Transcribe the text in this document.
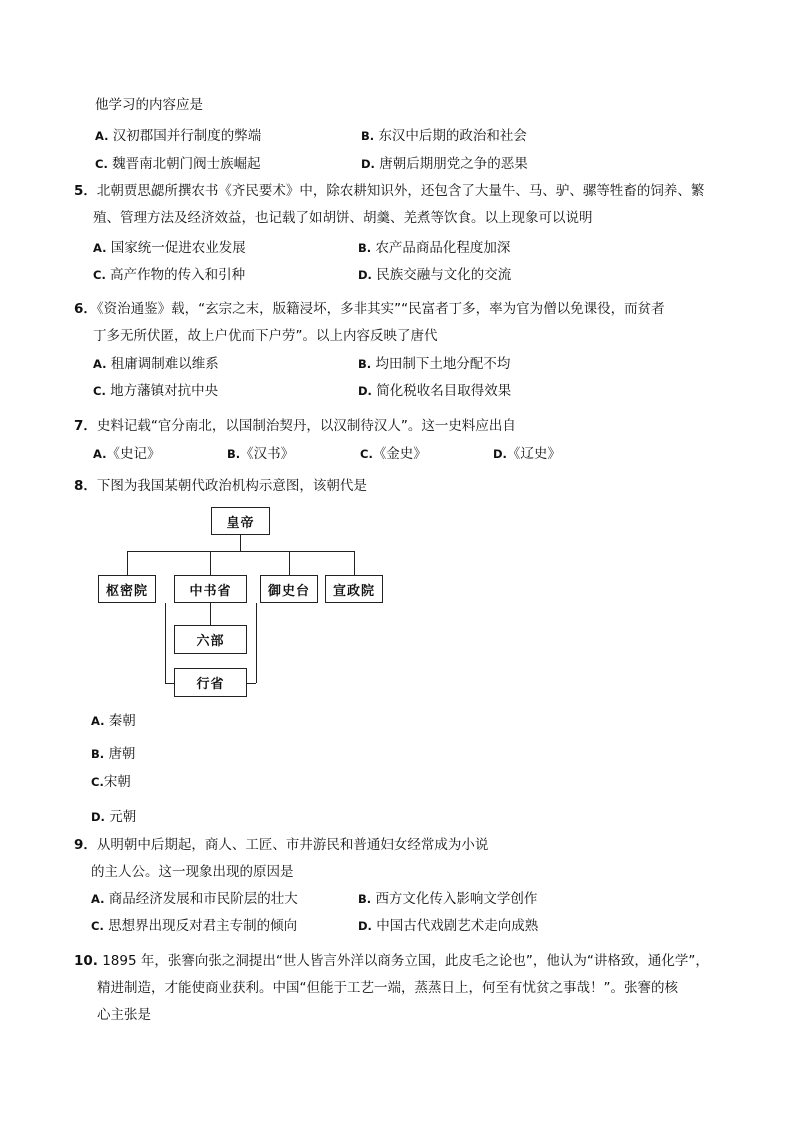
他学习的内容应是
A. 汉初郡国并行制度的弊端	B. 东汉中后期的政治和社会
C. 魏晋南北朝门阀士族崛起	D. 唐朝后期朋党之争的恶果
5．北朝贾思勰所撰农书《齐民要术》中，除农耕知识外，还包含了大量牛、马、驴、骡等牲畜的饲养、繁
殖、管理方法及经济效益，也记载了如胡饼、胡羹、羌煮等饮食。以上现象可以说明
A. 国家统一促进农业发展	B. 农产品商品化程度加深
C. 高产作物的传入和引种	D. 民族交融与文化的交流
6．《资治通鉴》载，“玄宗之末，版籍浸坏，多非其实”“民富者丁多，率为官为僧以免课役，而贫者
丁多无所伏匿，故上户优而下户劳”。以上内容反映了唐代
A. 租庸调制难以维系	B. 均田制下土地分配不均
C. 地方藩镇对抗中央	D. 简化税收名目取得效果
7．史料记载“官分南北，以国制治契丹，以汉制待汉人”。这一史料应出自
A.《史记》	B.《汉书》	C.《金史》	D.《辽史》
8．下图为我国某朝代政治机构示意图，该朝代是
皇帝
枢密院	中书省	御史台	宣政院
六部
行省
A. 秦朝
B. 唐朝
C.宋朝
D. 元朝
9．从明朝中后期起，商人、工匠、市井游民和普通妇女经常成为小说
的主人公。这一现象出现的原因是
A. 商品经济发展和市民阶层的壮大	B. 西方文化传入影响文学创作
C. 思想界出现反对君主专制的倾向	D. 中国古代戏剧艺术走向成熟
10. 1895 年，张謇向张之洞提出“世人皆言外洋以商务立国，此皮毛之论也”，他认为“讲格致，通化学”，
精进制造，才能使商业获利。中国“但能于工艺一端，蒸蒸日上，何至有忧贫之事哉！”。张謇的核
心主张是
